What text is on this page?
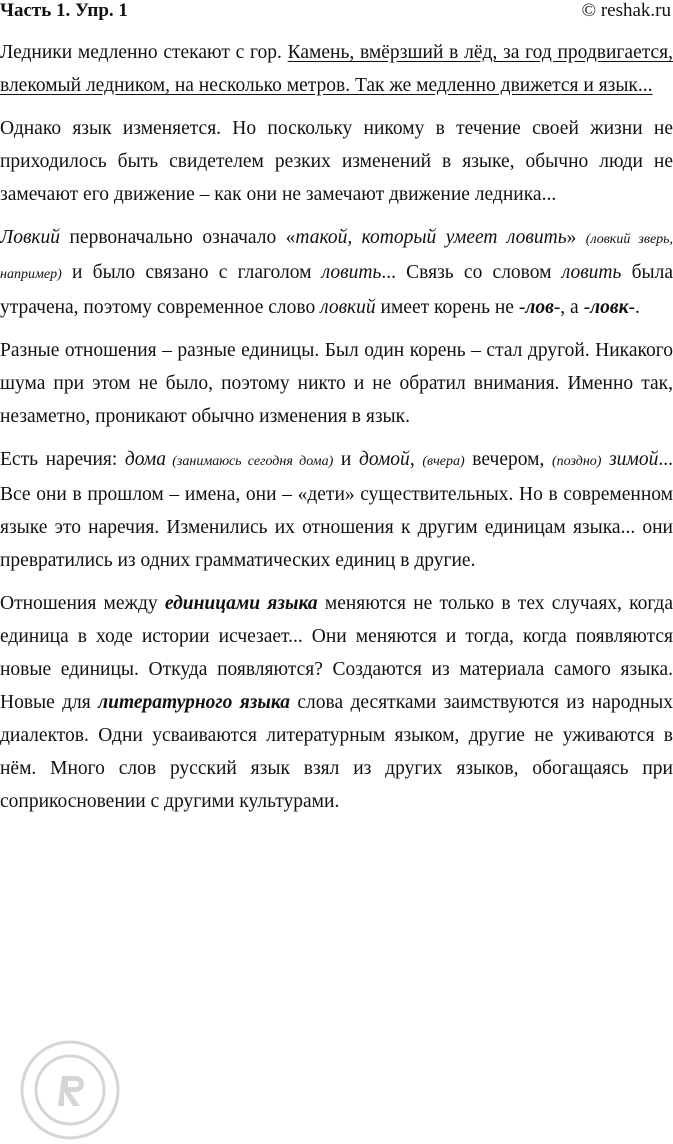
Часть 1. Упр. 1	© reshak.ru

Ледники медленно стекают с гор. Камень, вмёрзший в лёд, за год продвигается, влекомый ледником, на несколько метров. Так же медленно движется и язык...

Однако язык изменяется. Но поскольку никому в течение своей жизни не приходилось быть свидетелем резких изменений в языке, обычно люди не замечают его движение – как они не замечают движение ледника...

Ловкий первоначально означало «такой, который умеет ловить» (ловкий зверь, например) и было связано с глаголом ловить... Связь со словом ловить была утрачена, поэтому современное слово ловкий имеет корень не -лов-, а -ловк-.

Разные отношения – разные единицы. Был один корень – стал другой. Никакого шума при этом не было, поэтому никто и не обратил внимания. Именно так, незаметно, проникают обычно изменения в язык.

Есть наречия: дома (занимаюсь сегодня дома) и домой, (вчера) вечером, (поздно) зимой... Все они в прошлом – имена, они – «дети» существительных. Но в современном языке это наречия. Изменились их отношения к другим единицам языка... они превратились из одних грамматических единиц в другие.

Отношения между единицами языка меняются не только в тех случаях, когда единица в ходе истории исчезает... Они меняются и тогда, когда появляются новые единицы. Откуда появляются? Создаются из материала самого языка. Новые для литературного языка слова десятками заимствуются из народных диалектов. Одни усваиваются литературным языком, другие не уживаются в нём. Много слов русский язык взял из других языков, обогащаясь при соприкосновении с другими культурами.
